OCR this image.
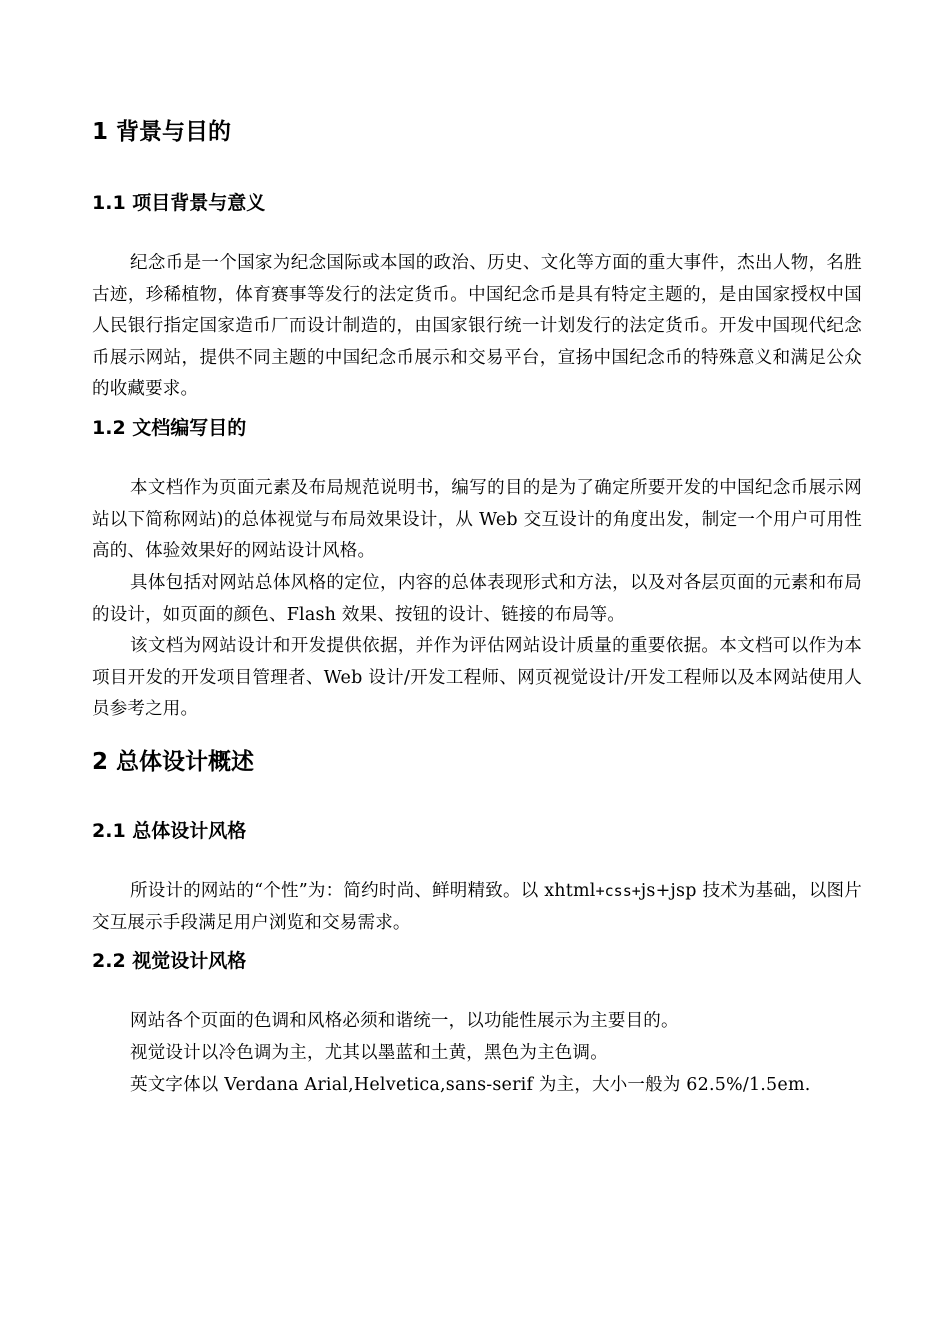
1 背景与目的
1.1 项目背景与意义

纪念币是一个国家为纪念国际或本国的政治、历史、文化等方面的重大事件，杰出人物，名胜古迹，珍稀植物，体育赛事等发行的法定货币。中国纪念币是具有特定主题的，是由国家授权中国人民银行指定国家造币厂而设计制造的，由国家银行统一计划发行的法定货币。开发中国现代纪念币展示网站，提供不同主题的中国纪念币展示和交易平台，宣扬中国纪念币的特殊意义和满足公众的收藏要求。

1.2 文档编写目的

本文档作为页面元素及布局规范说明书，编写的目的是为了确定所要开发的中国纪念币展示网站以下简称网站)的总体视觉与布局效果设计，从 Web 交互设计的角度出发，制定一个用户可用性高的、体验效果好的网站设计风格。

具体包括对网站总体风格的定位，内容的总体表现形式和方法，以及对各层页面的元素和布局的设计，如页面的颜色、Flash 效果、按钮的设计、链接的布局等。

该文档为网站设计和开发提供依据，并作为评估网站设计质量的重要依据。本文档可以作为本项目开发的开发项目管理者、Web 设计/开发工程师、网页视觉设计/开发工程师以及本网站使用人员参考之用。

2 总体设计概述
2.1 总体设计风格

所设计的网站的“个性”为：简约时尚、鲜明精致。以 xhtml+css+js+jsp 技术为基础，以图片交互展示手段满足用户浏览和交易需求。

2.2 视觉设计风格

网站各个页面的色调和风格必须和谐统一，以功能性展示为主要目的。

视觉设计以冷色调为主，尤其以墨蓝和土黄，黑色为主色调。

英文字体以 Verdana Arial,Helvetica,sans-serif 为主，大小一般为 62.5%/1.5em.
